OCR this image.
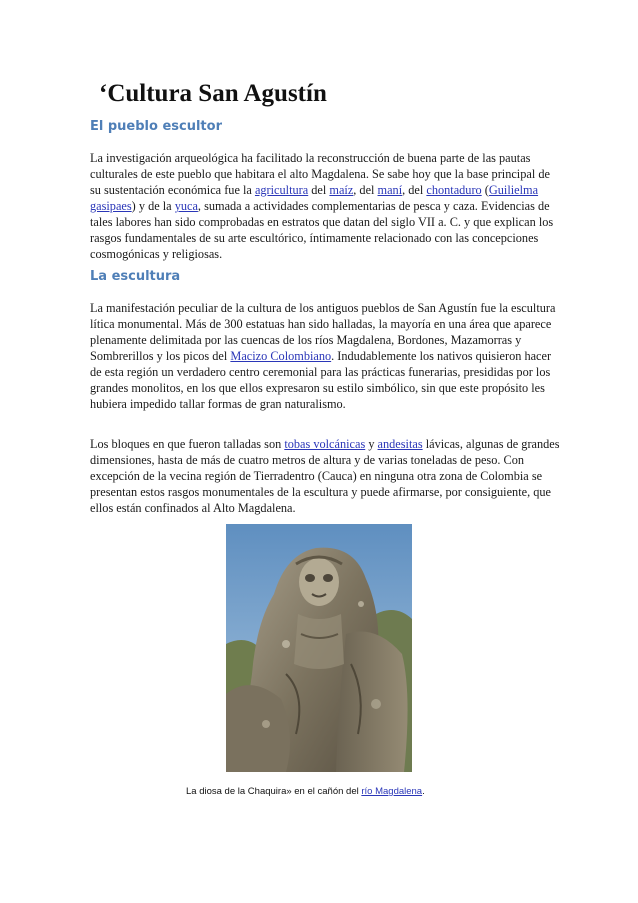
‘Cultura San Agustín
El pueblo escultor

La investigación arqueológica ha facilitado la reconstrucción de buena parte de las pautas culturales de este pueblo que habitara el alto Magdalena. Se sabe hoy que la base principal de su sustentación económica fue la agricultura del maíz, del maní, del chontaduro (Guilielma gasipaes) y de la yuca, sumada a actividades complementarias de pesca y caza. Evidencias de tales labores han sido comprobadas en estratos que datan del siglo VII a. C. y que explican los rasgos fundamentales de su arte escultórico, íntimamente relacionado con las concepciones cosmogónicas y religiosas.

La escultura

La manifestación peculiar de la cultura de los antiguos pueblos de San Agustín fue la escultura lítica monumental. Más de 300 estatuas han sido halladas, la mayoría en una área que aparece plenamente delimitada por las cuencas de los ríos Magdalena, Bordones, Mazamorras y Sombrerillos y los picos del Macizo Colombiano. Indudablemente los nativos quisieron hacer de esta región un verdadero centro ceremonial para las prácticas funerarias, presididas por los grandes monolitos, en los que ellos expresaron su estilo simbólico, sin que este propósito les hubiera impedido tallar formas de gran naturalismo.

Los bloques en que fueron talladas son tobas volcánicas y andesitas lávicas, algunas de grandes dimensiones, hasta de más de cuatro metros de altura y de varias toneladas de peso. Con excepción de la vecina región de Tierradentro (Cauca) en ninguna otra zona de Colombia se presentan estos rasgos monumentales de la escultura y puede afirmarse, por consiguiente, que ellos están confinados al Alto Magdalena.

La diosa de la Chaquira» en el cañón del río Magdalena.
